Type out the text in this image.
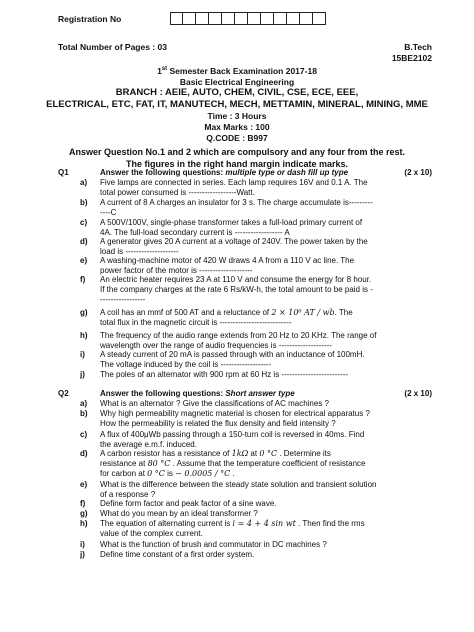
Registration No
Total Number of Pages : 03	B.Tech
15BE2102
1st Semester Back Examination 2017-18
Basic Electrical Engineering
BRANCH : AEIE, AUTO, CHEM, CIVIL, CSE, ECE, EEE,
ELECTRICAL, ETC, FAT, IT, MANUTECH, MECH, METTAMIN, MINERAL, MINING, MME
Time : 3 Hours
Max Marks : 100
Q.CODE : B997
Answer Question No.1 and 2 which are compulsory and any four from the rest.
The figures in the right hand margin indicate marks.
Q1	Answer the following questions: multiple type or dash fill up type	(2 x 10)
a)	Five lamps are connected in series. Each lamp requires 16V and 0.1 A. The
total power consumed is ------------------Watt.
b)	A current of 8 A charges an insulator for 3 s. The charge accumulate is---------
----C
c)	A 500V/100V, single-phase transformer takes a full-load primary current of
4A. The full-load secondary current is ------------------ A
d)	A generator gives 20 A current at a voltage of 240V. The power taken by the
load is --------------------
e)	A washing-machine motor of 420 W draws 4 A from a 110 V ac line. The
power factor of the motor is --------------------
f)	An electric heater requires 23 A at 110 V and consume the energy for 8 hour.
If the company charges at the rate 6 Rs/kW-h, the total amount to be paid is -
-----------------
g)	A coil has an mmf of 500 AT and a reluctance of 2 × 10⁶ AT / wb. The
total flux in the magnetic circuit is ---------------------------
h)	The frequency of the audio range extends from 20 Hz to 20 KHz. The range of
wavelength over the range of audio frequencies is --------------------
i)	A steady current of 20 mA is passed through with an inductance of 100mH.
The voltage induced by the coil is -------------------
j)	The poles of an alternator with 900 rpm at 60 Hz is -------------------------
Q2	Answer the following questions: Short answer type	(2 x 10)
a)	What is an alternator ? Give the classifications of AC machines ?
b)	Why high permeability magnetic material is chosen for electrical apparatus ?
How the permeability is related the flux density and field intensity ?
c)	A flux of 400μWb passing through a 150-turn coil is reversed in 40ms. Find
the average e.m.f. induced.
d)	A carbon resistor has a resistance of 1kΩ at 0 °C . Determine its
resistance at 80 °C . Assume that the temperature coefficient of resistance
for carbon at 0 °C is − 0.0005 / °C .
e)	What is the difference between the steady state solution and transient solution
of a response ?
f)	Define form factor and peak factor of a sine wave.
g)	What do you mean by an ideal transformer ?
h)	The equation of alternating current is i = 4 + 4 sin wt . Then find the rms
value of the complex current.
i)	What is the function of brush and commutator in DC machines ?
j)	Define time constant of a first order system.
